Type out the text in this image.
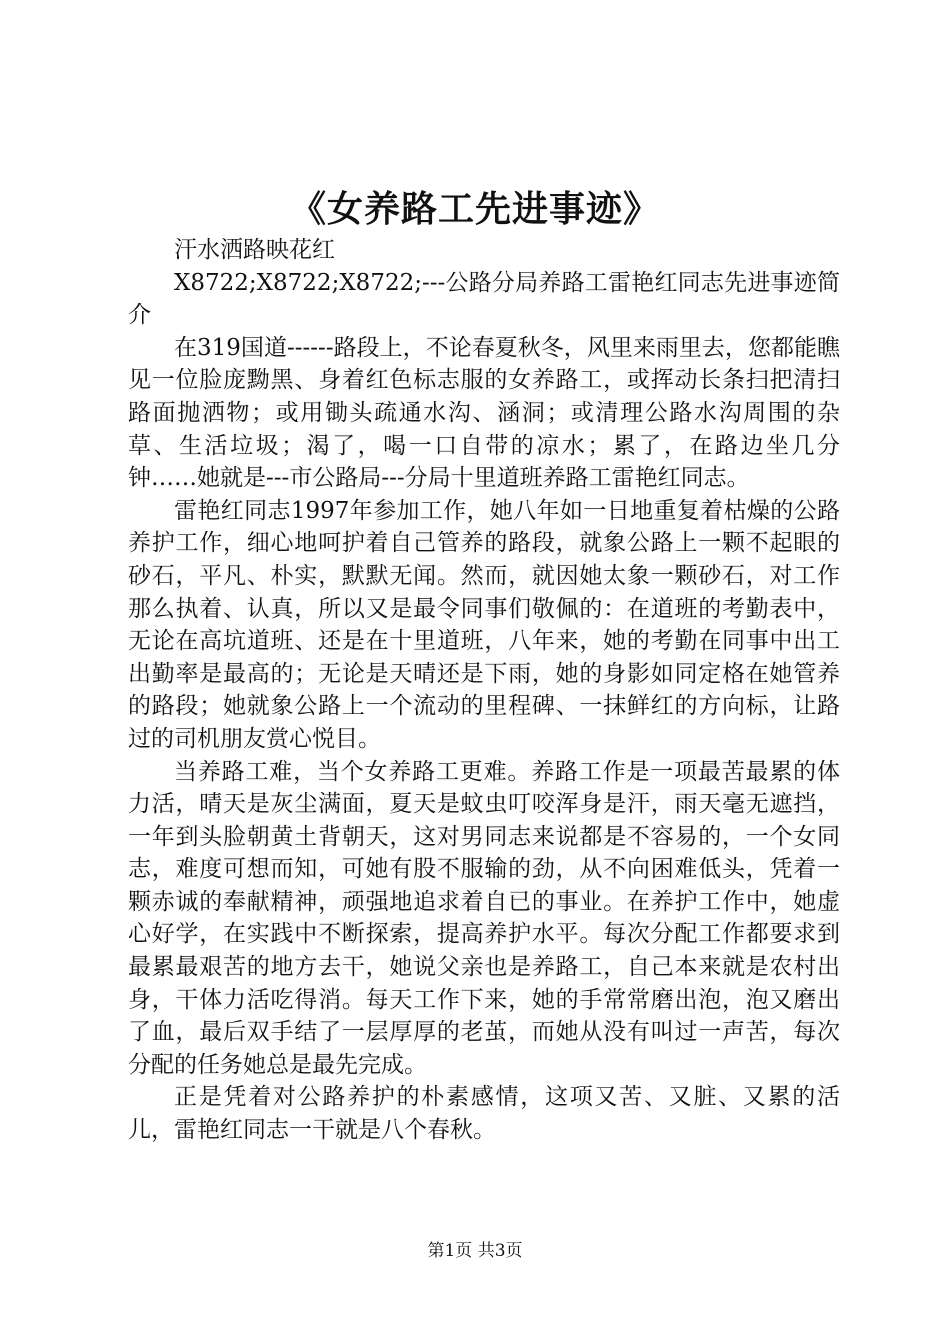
《女养路工先进事迹》

汗水洒路映花红

X8722;X8722;X8722;---公路分局养路工雷艳红同志先进事迹简介

在319国道------路段上，不论春夏秋冬，风里来雨里去，您都能瞧见一位脸庞黝黑、身着红色标志服的女养路工，或挥动长条扫把清扫路面抛洒物；或用锄头疏通水沟、涵洞；或清理公路水沟周围的杂草、生活垃圾；渴了，喝一口自带的凉水；累了，在路边坐几分钟……她就是---市公路局---分局十里道班养路工雷艳红同志。

雷艳红同志1997年参加工作，她八年如一日地重复着枯燥的公路养护工作，细心地呵护着自己管养的路段，就象公路上一颗不起眼的砂石，平凡、朴实，默默无闻。然而，就因她太象一颗砂石，对工作那么执着、认真，所以又是最令同事们敬佩的：在道班的考勤表中，无论在高坑道班、还是在十里道班，八年来，她的考勤在同事中出工出勤率是最高的；无论是天晴还是下雨，她的身影如同定格在她管养的路段；她就象公路上一个流动的里程碑、一抹鲜红的方向标，让路过的司机朋友赏心悦目。

当养路工难，当个女养路工更难。养路工作是一项最苦最累的体力活，晴天是灰尘满面，夏天是蚊虫叮咬浑身是汗，雨天毫无遮挡，一年到头脸朝黄土背朝天，这对男同志来说都是不容易的，一个女同志，难度可想而知，可她有股不服输的劲，从不向困难低头，凭着一颗赤诚的奉献精神，顽强地追求着自已的事业。在养护工作中，她虚心好学，在实践中不断探索，提高养护水平。每次分配工作都要求到最累最艰苦的地方去干，她说父亲也是养路工，自己本来就是农村出身，干体力活吃得消。每天工作下来，她的手常常磨出泡，泡又磨出了血，最后双手结了一层厚厚的老茧，而她从没有叫过一声苦，每次分配的任务她总是最先完成。

正是凭着对公路养护的朴素感情，这项又苦、又脏、又累的活儿，雷艳红同志一干就是八个春秋。

第1页 共3页
